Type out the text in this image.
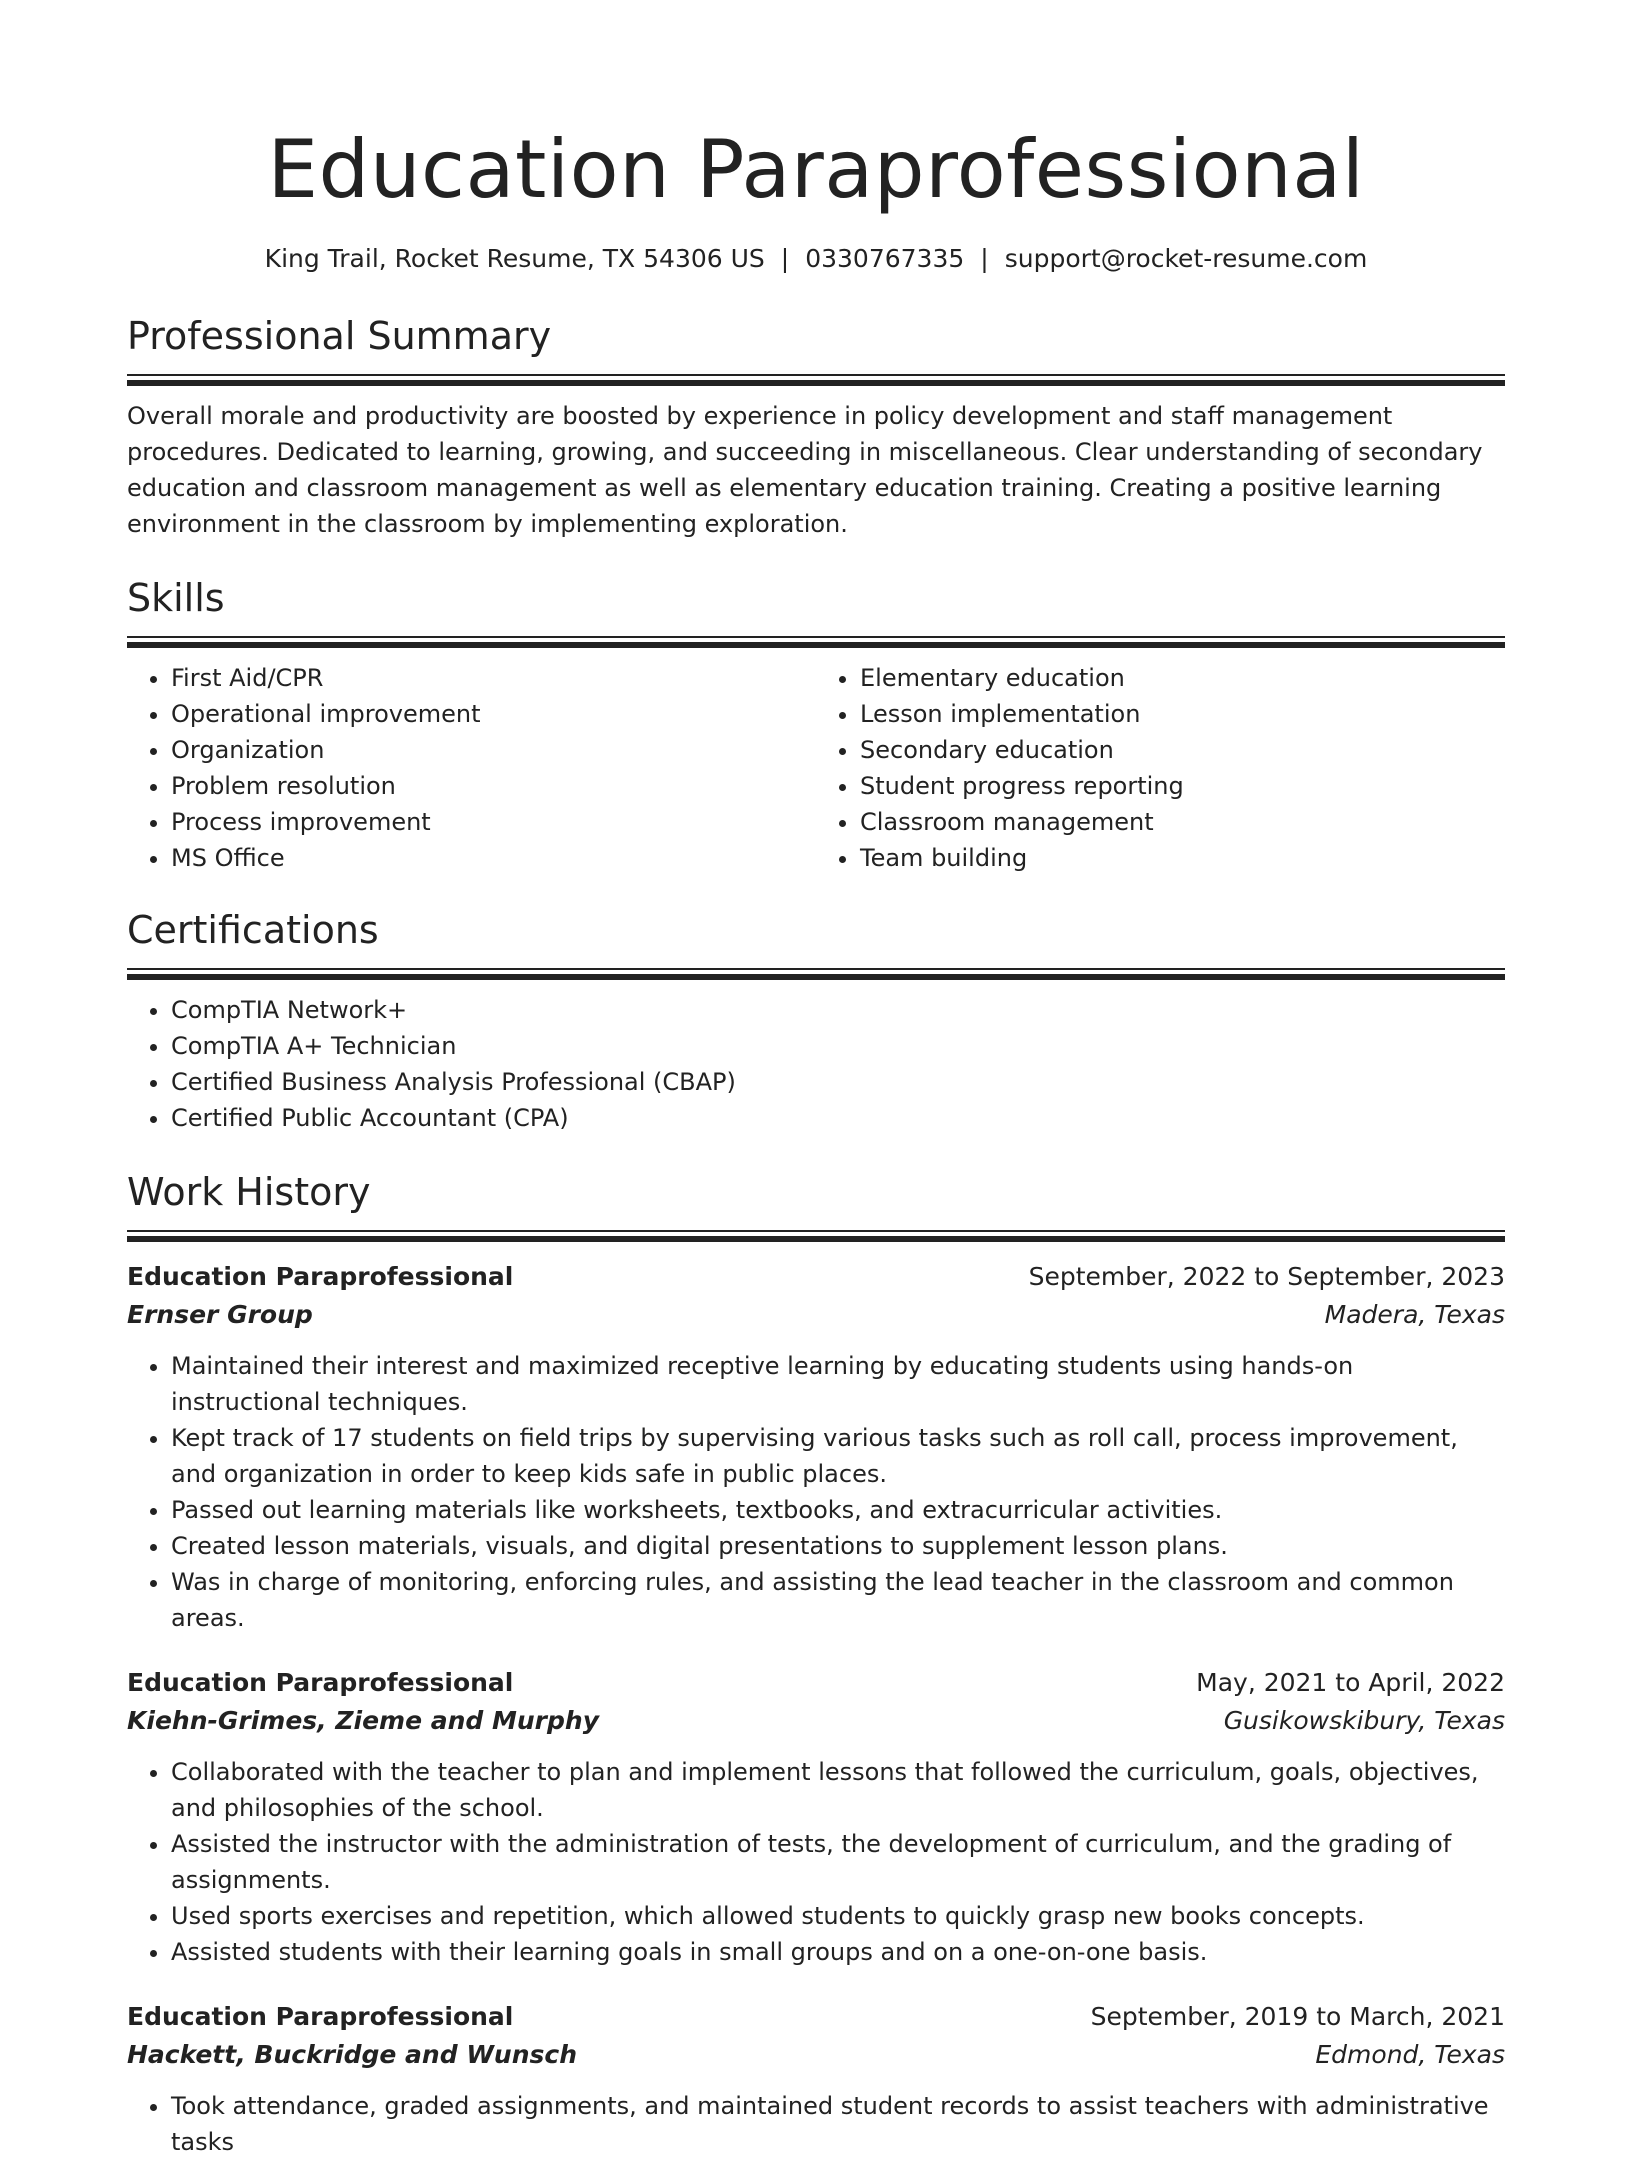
Education Paraprofessional
King Trail, Rocket Resume, TX 54306 US | 0330767335 | support@rocket-resume.com
Professional Summary
Overall morale and productivity are boosted by experience in policy development and staff management procedures. Dedicated to learning, growing, and succeeding in miscellaneous. Clear understanding of secondary education and classroom management as well as elementary education training. Creating a positive learning environment in the classroom by implementing exploration.
Skills
• First Aid/CPR
• Operational improvement
• Organization
• Problem resolution
• Process improvement
• MS Office
• Elementary education
• Lesson implementation
• Secondary education
• Student progress reporting
• Classroom management
• Team building
Certifications
• CompTIA Network+
• CompTIA A+ Technician
• Certified Business Analysis Professional (CBAP)
• Certified Public Accountant (CPA)
Work History
Education Paraprofessional	September, 2022 to September, 2023
Ernser Group	Madera, Texas
• Maintained their interest and maximized receptive learning by educating students using hands-on instructional techniques.
• Kept track of 17 students on field trips by supervising various tasks such as roll call, process improvement, and organization in order to keep kids safe in public places.
• Passed out learning materials like worksheets, textbooks, and extracurricular activities.
• Created lesson materials, visuals, and digital presentations to supplement lesson plans.
• Was in charge of monitoring, enforcing rules, and assisting the lead teacher in the classroom and common areas.
Education Paraprofessional	May, 2021 to April, 2022
Kiehn-Grimes, Zieme and Murphy	Gusikowskibury, Texas
• Collaborated with the teacher to plan and implement lessons that followed the curriculum, goals, objectives, and philosophies of the school.
• Assisted the instructor with the administration of tests, the development of curriculum, and the grading of assignments.
• Used sports exercises and repetition, which allowed students to quickly grasp new books concepts.
• Assisted students with their learning goals in small groups and on a one-on-one basis.
Education Paraprofessional	September, 2019 to March, 2021
Hackett, Buckridge and Wunsch	Edmond, Texas
• Took attendance, graded assignments, and maintained student records to assist teachers with administrative tasks
